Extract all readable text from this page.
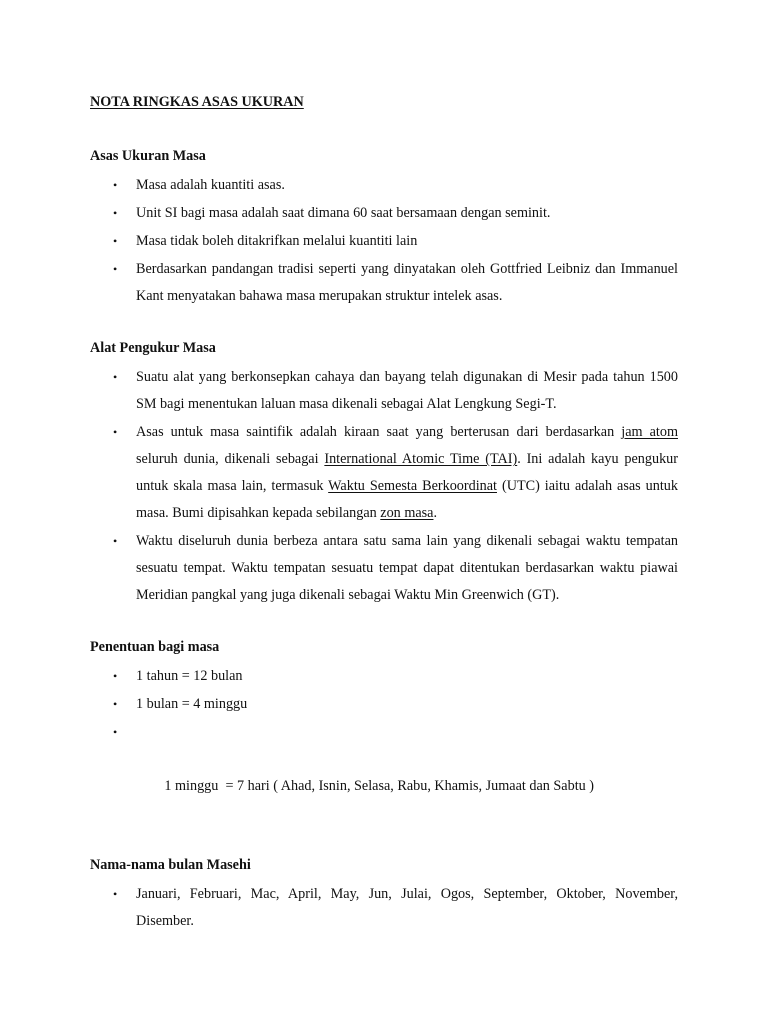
NOTA RINGKAS ASAS UKURAN
Asas Ukuran Masa
• Masa adalah kuantiti asas.
• Unit SI bagi masa adalah saat dimana 60 saat bersamaan dengan seminit.
• Masa tidak boleh ditakrifkan melalui kuantiti lain
• Berdasarkan pandangan tradisi seperti yang dinyatakan oleh Gottfried Leibniz dan Immanuel Kant menyatakan bahawa masa merupakan struktur intelek asas.
Alat Pengukur Masa
• Suatu alat yang berkonsepkan cahaya dan bayang telah digunakan di Mesir pada tahun 1500 SM bagi menentukan laluan masa dikenali sebagai Alat Lengkung Segi-T.
• Asas untuk masa saintifik adalah kiraan saat yang berterusan dari berdasarkan jam atom seluruh dunia, dikenali sebagai International Atomic Time (TAI). Ini adalah kayu pengukur untuk skala masa lain, termasuk Waktu Semesta Berkoordinat (UTC) iaitu adalah asas untuk masa. Bumi dipisahkan kepada sebilangan zon masa.
• Waktu diseluruh dunia berbeza antara satu sama lain yang dikenali sebagai waktu tempatan sesuatu tempat. Waktu tempatan sesuatu tempat dapat ditentukan berdasarkan waktu piawai Meridian pangkal yang juga dikenali sebagai Waktu Min Greenwich (GT).
Penentuan bagi masa
• 1 tahun = 12 bulan
• 1 bulan = 4 minggu

•

1 minggu  = 7 hari ( Ahad, Isnin, Selasa, Rabu, Khamis, Jumaat dan Sabtu )

Nama-nama bulan Masehi
• Januari, Februari, Mac, April, May, Jun, Julai, Ogos, September, Oktober, November, Disember.
